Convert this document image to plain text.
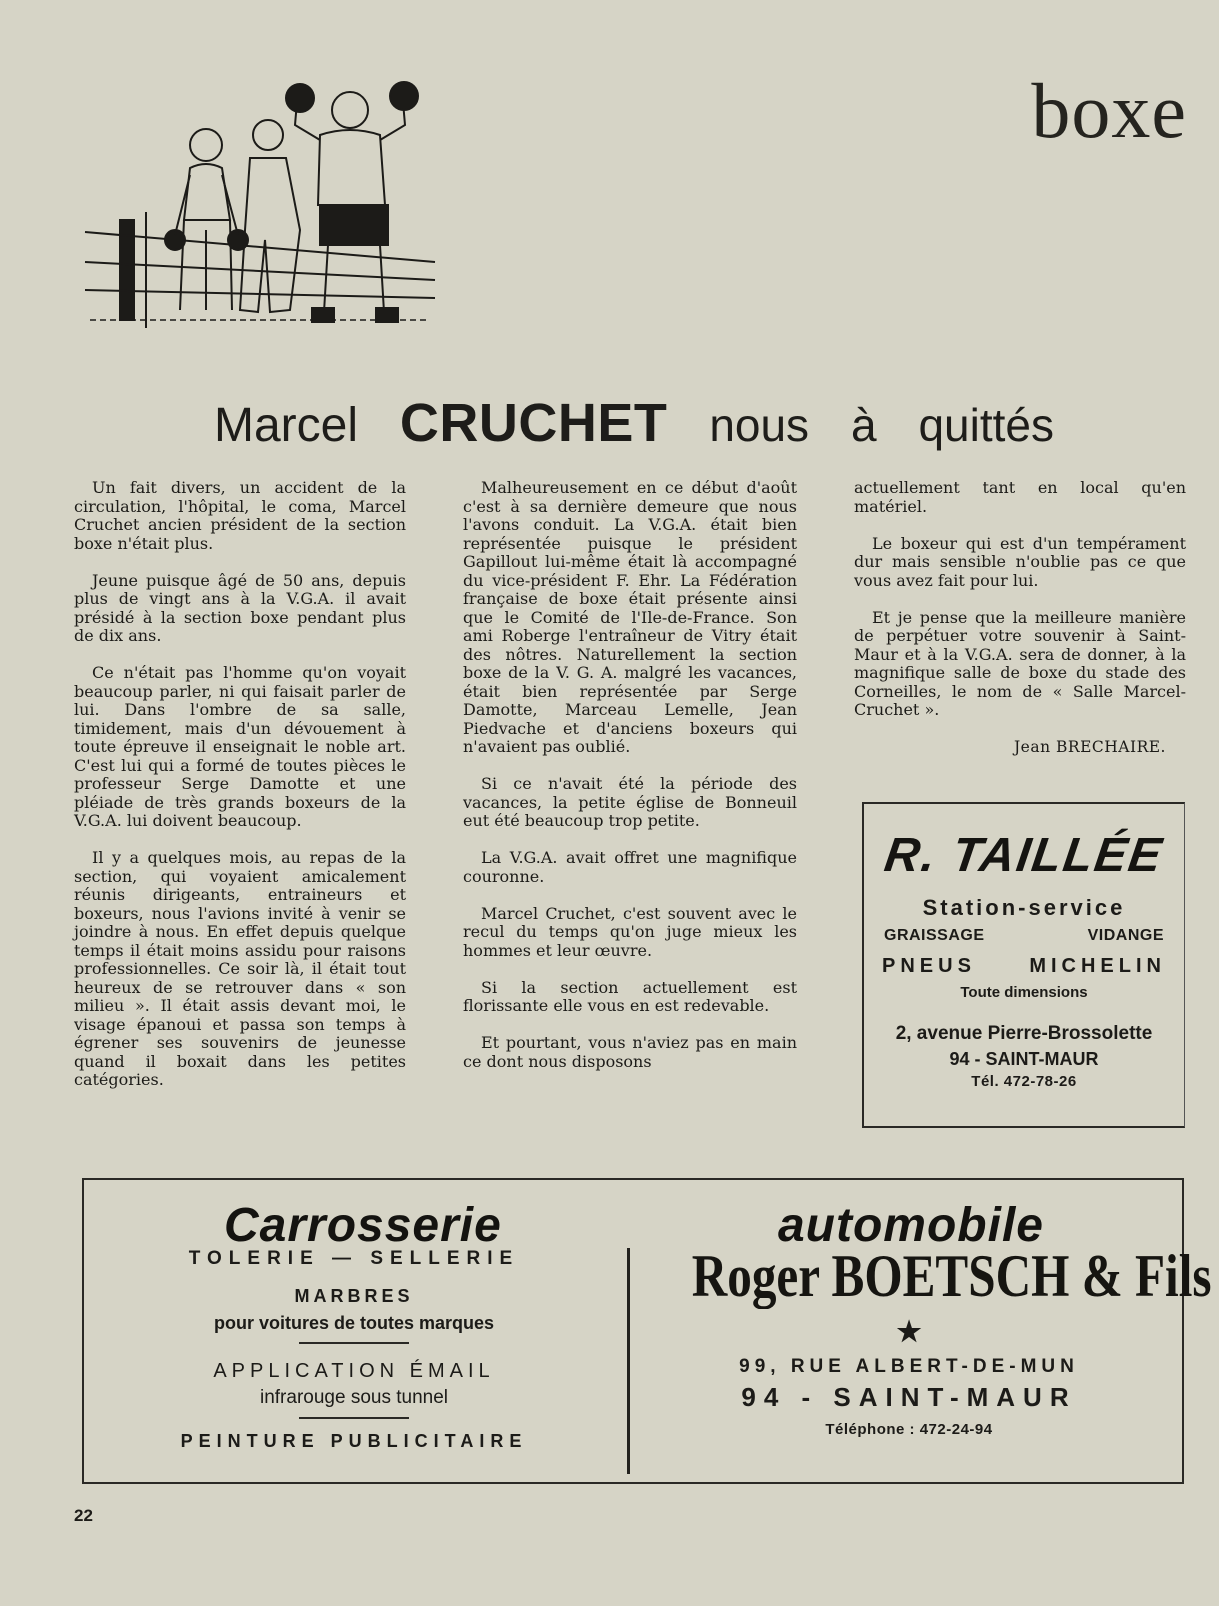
boxe
Marcel CRUCHET nous à quittés

Un fait divers, un accident de la circulation, l'hôpital, le coma, Marcel Cruchet ancien président de la section boxe n'était plus.

Jeune puisque âgé de 50 ans, depuis plus de vingt ans à la V.G.A. il avait présidé à la section boxe pendant plus de dix ans.

Ce n'était pas l'homme qu'on voyait beaucoup parler, ni qui faisait parler de lui. Dans l'ombre de sa salle, timidement, mais d'un dévouement à toute épreuve il enseignait le noble art. C'est lui qui a formé de toutes pièces le professeur Serge Damotte et une pléiade de très grands boxeurs de la V.G.A. lui doivent beaucoup.

Il y a quelques mois, au repas de la section, qui voyaient amicalement réunis dirigeants, entraineurs et boxeurs, nous l'avions invité à venir se joindre à nous. En effet depuis quelque temps il était moins assidu pour raisons professionnelles. Ce soir là, il était tout heureux de se retrouver dans « son milieu ». Il était assis devant moi, le visage épanoui et passa son temps à égrener ses souvenirs de jeunesse quand il boxait dans les petites catégories.

Malheureusement en ce début d'août c'est à sa dernière demeure que nous l'avons conduit. La V.G.A. était bien représentée puisque le président Gapillout lui-même était là accompagné du vice-président F. Ehr. La Fédération française de boxe était présente ainsi que le Comité de l'Ile-de-France. Son ami Roberge l'entraîneur de Vitry était des nôtres. Naturellement la section boxe de la V. G. A. malgré les vacances, était bien représentée par Serge Damotte, Marceau Lemelle, Jean Piedvache et d'anciens boxeurs qui n'avaient pas oublié.

Si ce n'avait été la période des vacances, la petite église de Bonneuil eut été beaucoup trop petite.

La V.G.A. avait offret une magnifique couronne.

Marcel Cruchet, c'est souvent avec le recul du temps qu'on juge mieux les hommes et leur œuvre.

Si la section actuellement est florissante elle vous en est redevable.

Et pourtant, vous n'aviez pas en main ce dont nous disposons

actuellement tant en local qu'en matériel.

Le boxeur qui est d'un tempérament dur mais sensible n'oublie pas ce que vous avez fait pour lui.

Et je pense que la meilleure manière de perpétuer votre souvenir à Saint-Maur et à la V.G.A. sera de donner, à la magnifique salle de boxe du stade des Corneilles, le nom de « Salle Marcel-Cruchet ».

Jean BRECHAIRE.

R. TAILLÉE
Station-service
GRAISSAGE	VIDANGE
PNEUS	MICHELIN
Toute dimensions
2, avenue Pierre-Brossolette
94 - SAINT-MAUR
Tél. 472-78-26
Carrosserie	automobile
TOLERIE — SELLERIE
MARBRES
pour voitures de toutes marques
APPLICATION ÉMAIL
infrarouge sous tunnel
PEINTURE PUBLICITAIRE
Roger BOETSCH & Fils
★
99, RUE ALBERT-DE-MUN
94 - SAINT-MAUR
Téléphone : 472-24-94
22
